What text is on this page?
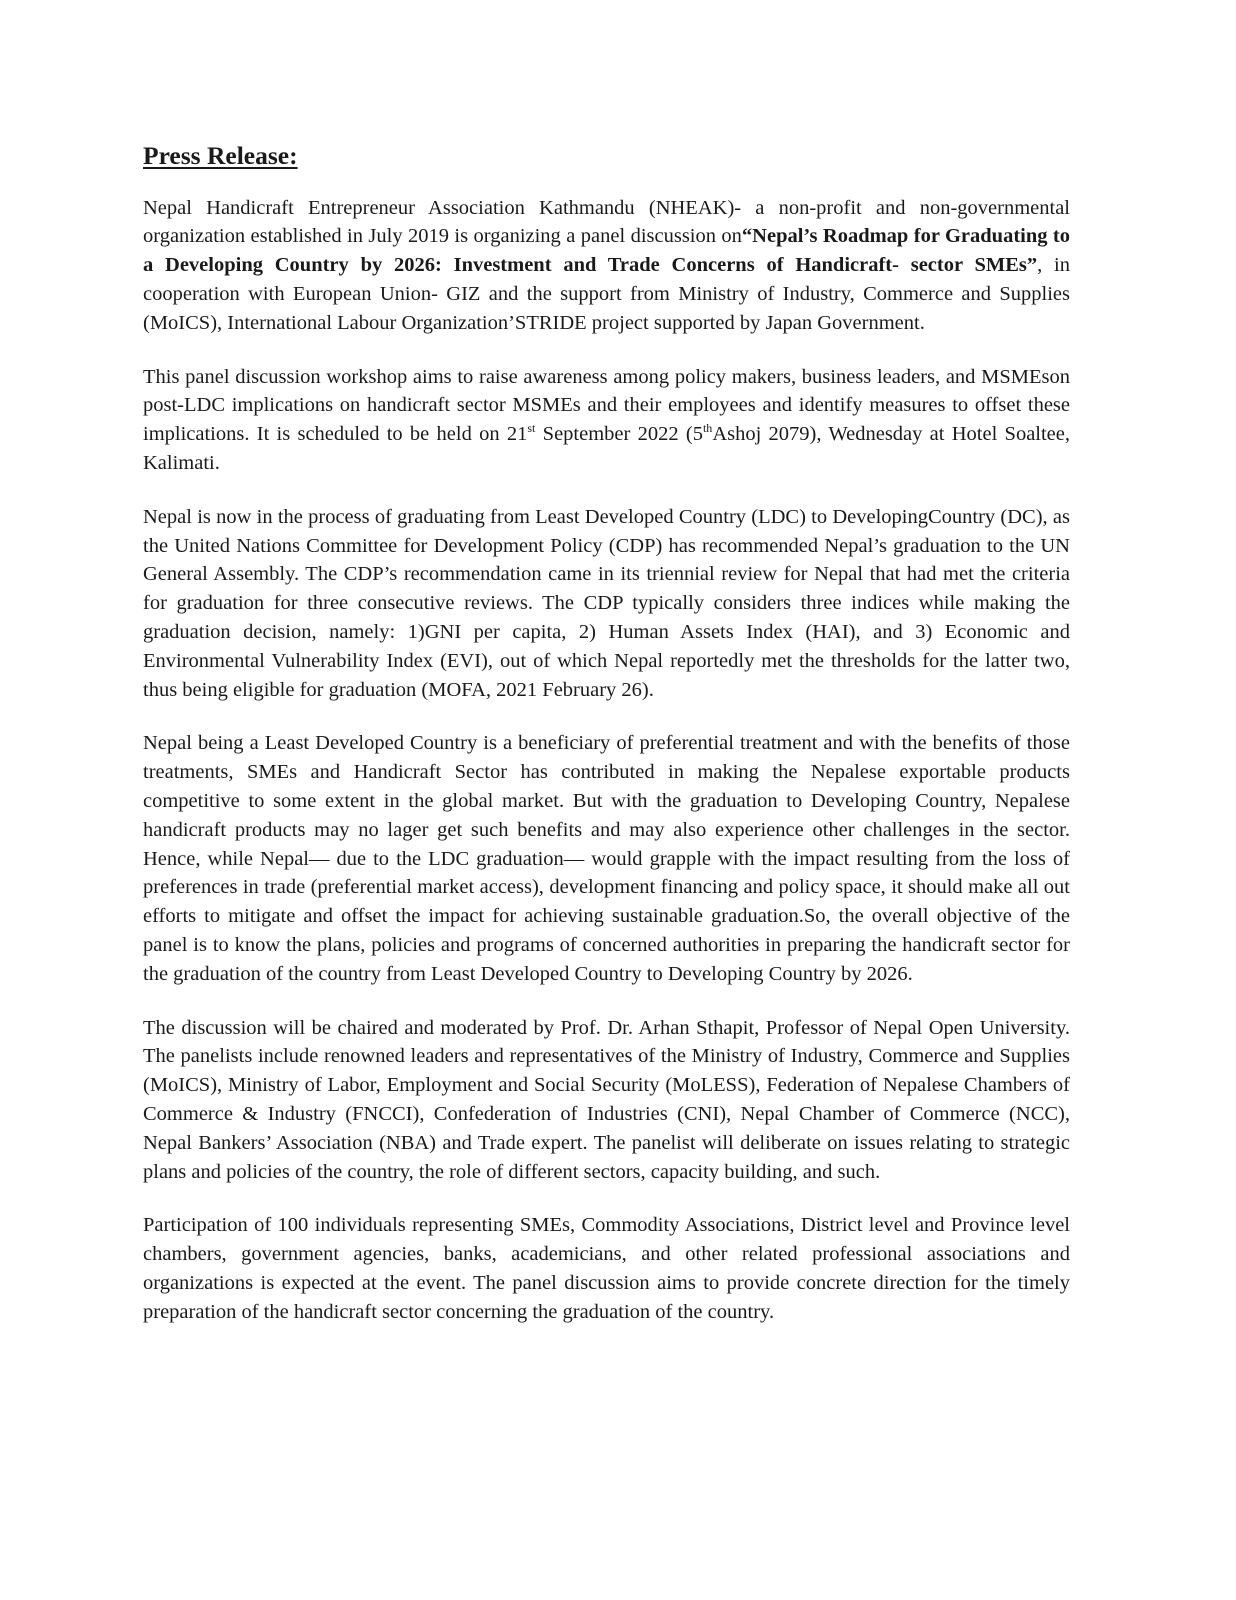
Press Release:

Nepal Handicraft Entrepreneur Association Kathmandu (NHEAK)- a non-profit and non-governmental organization established in July 2019 is organizing a panel discussion on“Nepal’s Roadmap for Graduating to a Developing Country by 2026: Investment and Trade Concerns of Handicraft- sector SMEs”, in cooperation with European Union- GIZ and the support from Ministry of Industry, Commerce and Supplies (MoICS), International Labour Organization’STRIDE project supported by Japan Government.

This panel discussion workshop aims to raise awareness among policy makers, business leaders, and MSMEson post-LDC implications on handicraft sector MSMEs and their employees and identify measures to offset these implications. It is scheduled to be held on 21st September 2022 (5thAshoj 2079), Wednesday at Hotel Soaltee, Kalimati.

Nepal is now in the process of graduating from Least Developed Country (LDC) to DevelopingCountry (DC), as the United Nations Committee for Development Policy (CDP) has recommended Nepal’s graduation to the UN General Assembly. The CDP’s recommendation came in its triennial review for Nepal that had met the criteria for graduation for three consecutive reviews. The CDP typically considers three indices while making the graduation decision, namely: 1)GNI per capita, 2) Human Assets Index (HAI), and 3) Economic and Environmental Vulnerability Index (EVI), out of which Nepal reportedly met the thresholds for the latter two, thus being eligible for graduation (MOFA, 2021 February 26).

Nepal being a Least Developed Country is a beneficiary of preferential treatment and with the benefits of those treatments, SMEs and Handicraft Sector has contributed in making the Nepalese exportable products competitive to some extent in the global market. But with the graduation to Developing Country, Nepalese handicraft products may no lager get such benefits and may also experience other challenges in the sector. Hence, while Nepal— due to the LDC graduation— would grapple with the impact resulting from the loss of preferences in trade (preferential market access), development financing and policy space, it should make all out efforts to mitigate and offset the impact for achieving sustainable graduation.So, the overall objective of the panel is to know the plans, policies and programs of concerned authorities in preparing the handicraft sector for the graduation of the country from Least Developed Country to Developing Country by 2026.

The discussion will be chaired and moderated by Prof. Dr. Arhan Sthapit, Professor of Nepal Open University. The panelists include renowned leaders and representatives of the Ministry of Industry, Commerce and Supplies (MoICS), Ministry of Labor, Employment and Social Security (MoLESS), Federation of Nepalese Chambers of Commerce & Industry (FNCCI), Confederation of Industries (CNI), Nepal Chamber of Commerce (NCC), Nepal Bankers’ Association (NBA) and Trade expert. The panelist will deliberate on issues relating to strategic plans and policies of the country, the role of different sectors, capacity building, and such.

Participation of 100 individuals representing SMEs, Commodity Associations, District level and Province level chambers, government agencies, banks, academicians, and other related professional associations and organizations is expected at the event. The panel discussion aims to provide concrete direction for the timely preparation of the handicraft sector concerning the graduation of the country.
